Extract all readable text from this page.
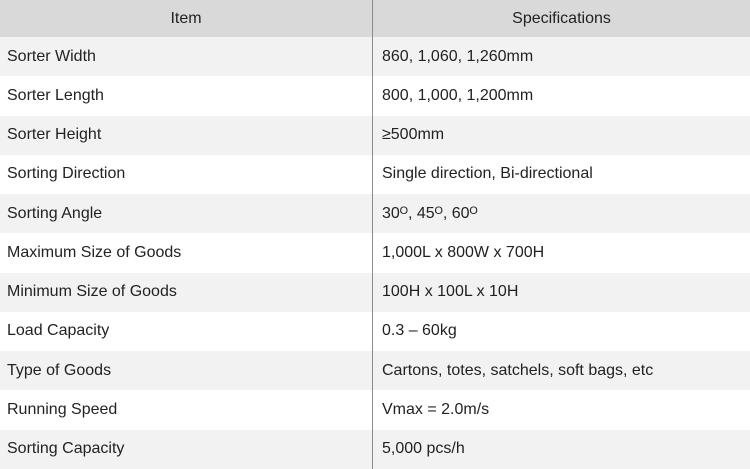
Item	Specifications
Sorter Width	860, 1,060, 1,260mm
Sorter Length	800, 1,000, 1,200mm
Sorter Height	≥500mm
Sorting Direction	Single direction, Bi-directional
Sorting Angle	30ᴼ, 45ᴼ, 60ᴼ
Maximum Size of Goods	1,000L x 800W x 700H
Minimum Size of Goods	100H x 100L x 10H
Load Capacity	0.3 – 60kg
Type of Goods	Cartons, totes, satchels, soft bags, etc
Running Speed	Vmax = 2.0m/s
Sorting Capacity	5,000 pcs/h
